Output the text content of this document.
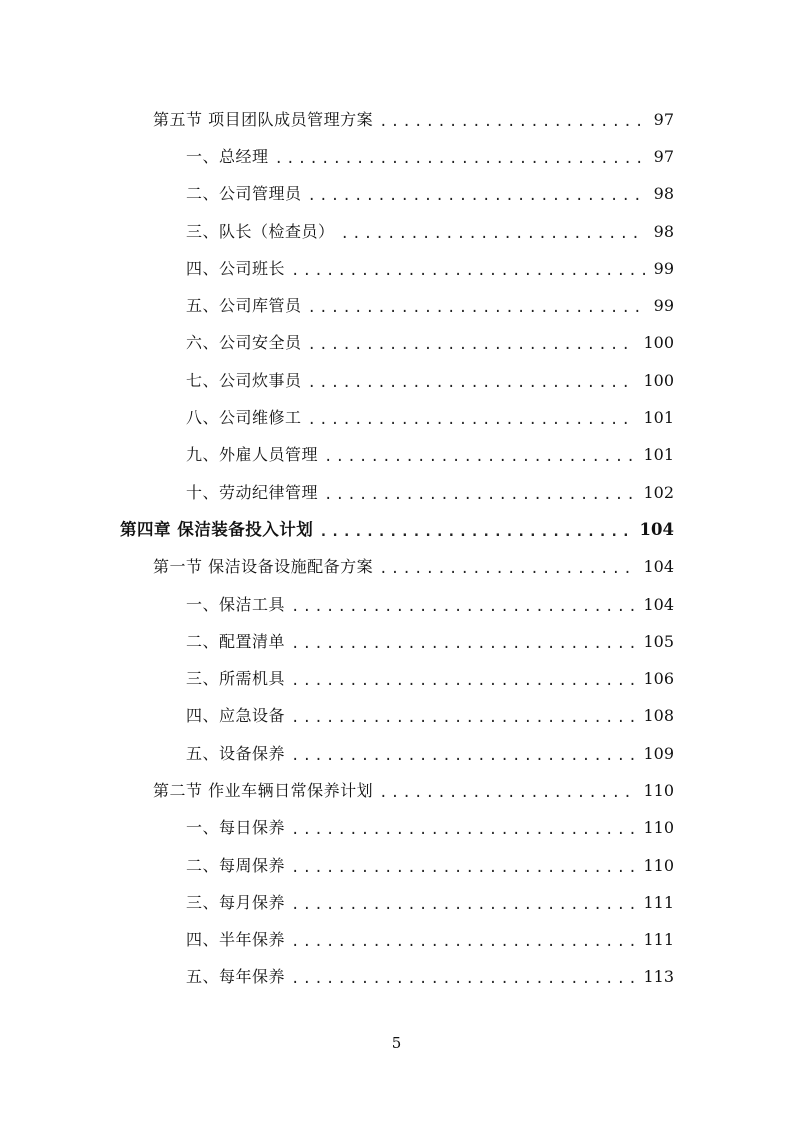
第五节 项目团队成员管理方案 .....	97
一、总经理 .....	97
二、公司管理员 .....	98
三、队长（检查员） .....	98
四、公司班长 .....	99
五、公司库管员 .....	99
六、公司安全员 .....	100
七、公司炊事员 .....	100
八、公司维修工 .....	101
九、外雇人员管理 .....	101
十、劳动纪律管理 .....	102
第四章 保洁装备投入计划 .....	104
第一节 保洁设备设施配备方案 .....	104
一、保洁工具 .....	104
二、配置清单 .....	105
三、所需机具 .....	106
四、应急设备 .....	108
五、设备保养 .....	109
第二节 作业车辆日常保养计划 .....	110
一、每日保养 .....	110
二、每周保养 .....	110
三、每月保养 .....	111
四、半年保养 .....	111
五、每年保养 .....	113
5
